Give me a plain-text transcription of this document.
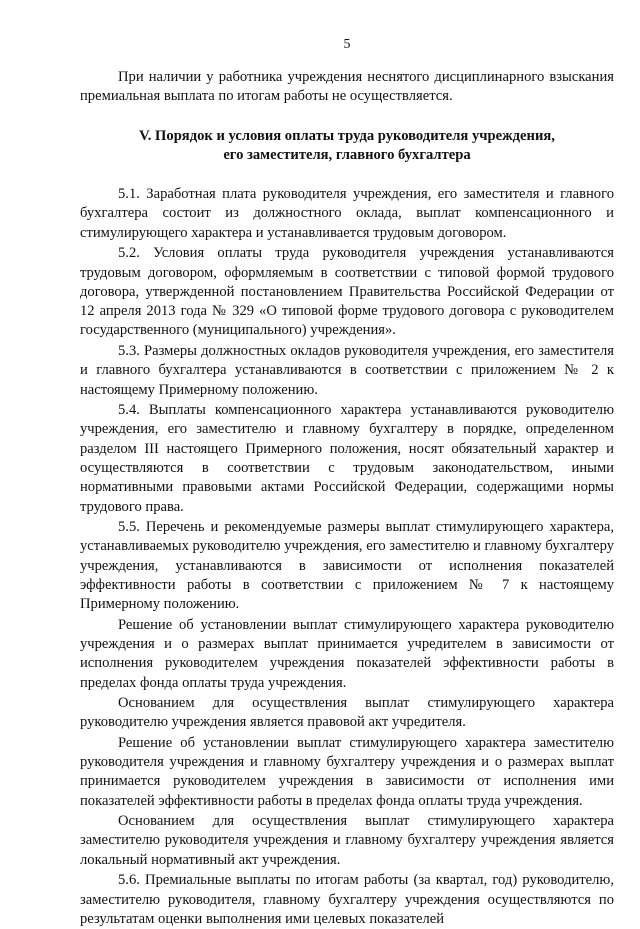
5

При наличии у работника учреждения неснятого дисциплинарного взыскания премиальная выплата по итогам работы не осуществляется.

V. Порядок и условия оплаты труда руководителя учреждения,
его заместителя, главного бухгалтера

5.1. Заработная плата руководителя учреждения, его заместителя и главного бухгалтера состоит из должностного оклада, выплат компенсационного и стимулирующего характера и устанавливается трудовым договором.

5.2. Условия оплаты труда руководителя учреждения устанавливаются трудовым договором, оформляемым в соответствии с типовой формой трудового договора, утвержденной постановлением Правительства Российской Федерации от 12 апреля 2013 года № 329 «О типовой форме трудового договора с руководителем государственного (муниципального) учреждения».

5.3. Размеры должностных окладов руководителя учреждения, его заместителя и главного бухгалтера устанавливаются в соответствии с приложением № 2 к настоящему Примерному положению.

5.4. Выплаты компенсационного характера устанавливаются руководителю учреждения, его заместителю и главному бухгалтеру в порядке, определенном разделом III настоящего Примерного положения, носят обязательный характер и осуществляются в соответствии с трудовым законодательством, иными нормативными правовыми актами Российской Федерации, содержащими нормы трудового права.

5.5. Перечень и рекомендуемые размеры выплат стимулирующего характера, устанавливаемых руководителю учреждения, его заместителю и главному бухгалтеру учреждения, устанавливаются в зависимости от исполнения показателей эффективности работы в соответствии с приложением № 7 к настоящему Примерному положению.

Решение об установлении выплат стимулирующего характера руководителю учреждения и о размерах выплат принимается учредителем в зависимости от исполнения руководителем учреждения показателей эффективности работы в пределах фонда оплаты труда учреждения.

Основанием для осуществления выплат стимулирующего характера руководителю учреждения является правовой акт учредителя.

Решение об установлении выплат стимулирующего характера заместителю руководителя учреждения и главному бухгалтеру учреждения и о размерах выплат принимается руководителем учреждения в зависимости от исполнения ими показателей эффективности работы в пределах фонда оплаты труда учреждения.

Основанием для осуществления выплат стимулирующего характера заместителю руководителя учреждения и главному бухгалтеру учреждения является локальный нормативный акт учреждения.

5.6. Премиальные выплаты по итогам работы (за квартал, год) руководителю, заместителю руководителя, главному бухгалтеру учреждения осуществляются по результатам оценки выполнения ими целевых показателей
